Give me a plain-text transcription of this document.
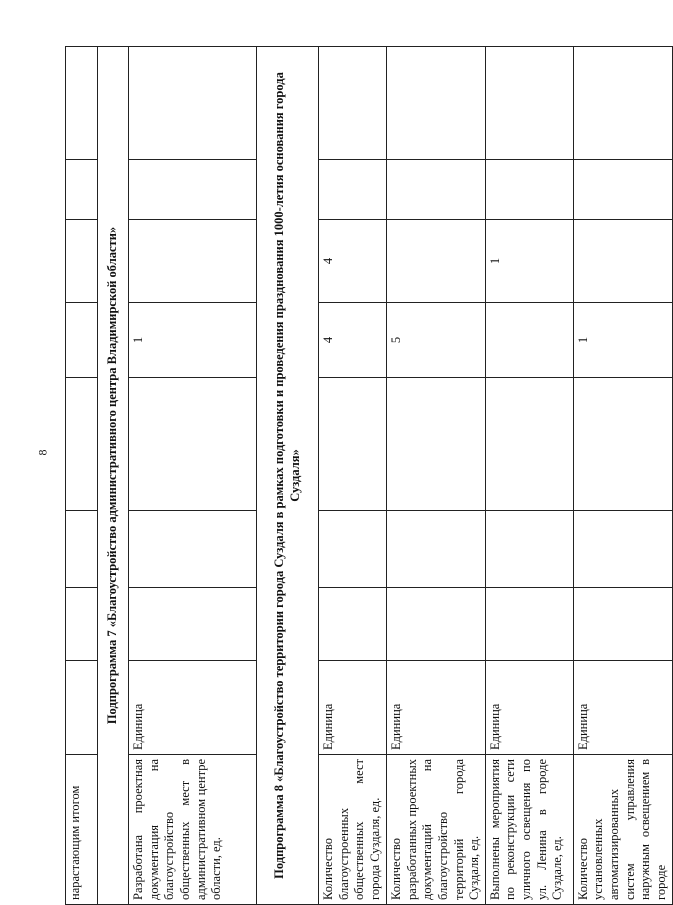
8
нарастающим итогом								
Подпрограмма 7 «Благоустройство административного центра Владимирской области»								
Разработана проектная документация на благоустройство общественных мест в административном центре области, ед.	Единица				1			
Подпрограмма 8 «Благоустройство территории города Суздаля в рамках подготовки и проведения празднования 1000-летия основания города Суздаля»								
Количество благоустроенных общественных мест города Суздаля, ед.	Единица				4	4		
Количество разработанных проектных документаций на благоустройство территорий города Суздаля, ед.	Единица				5			
Выполнены мероприятия по реконструкции сети уличного освещения по ул. Ленина в городе Суздале, ед.	Единица					1		
Количество установленных автоматизированных систем управления наружным освещением в городе	Единица				1			
